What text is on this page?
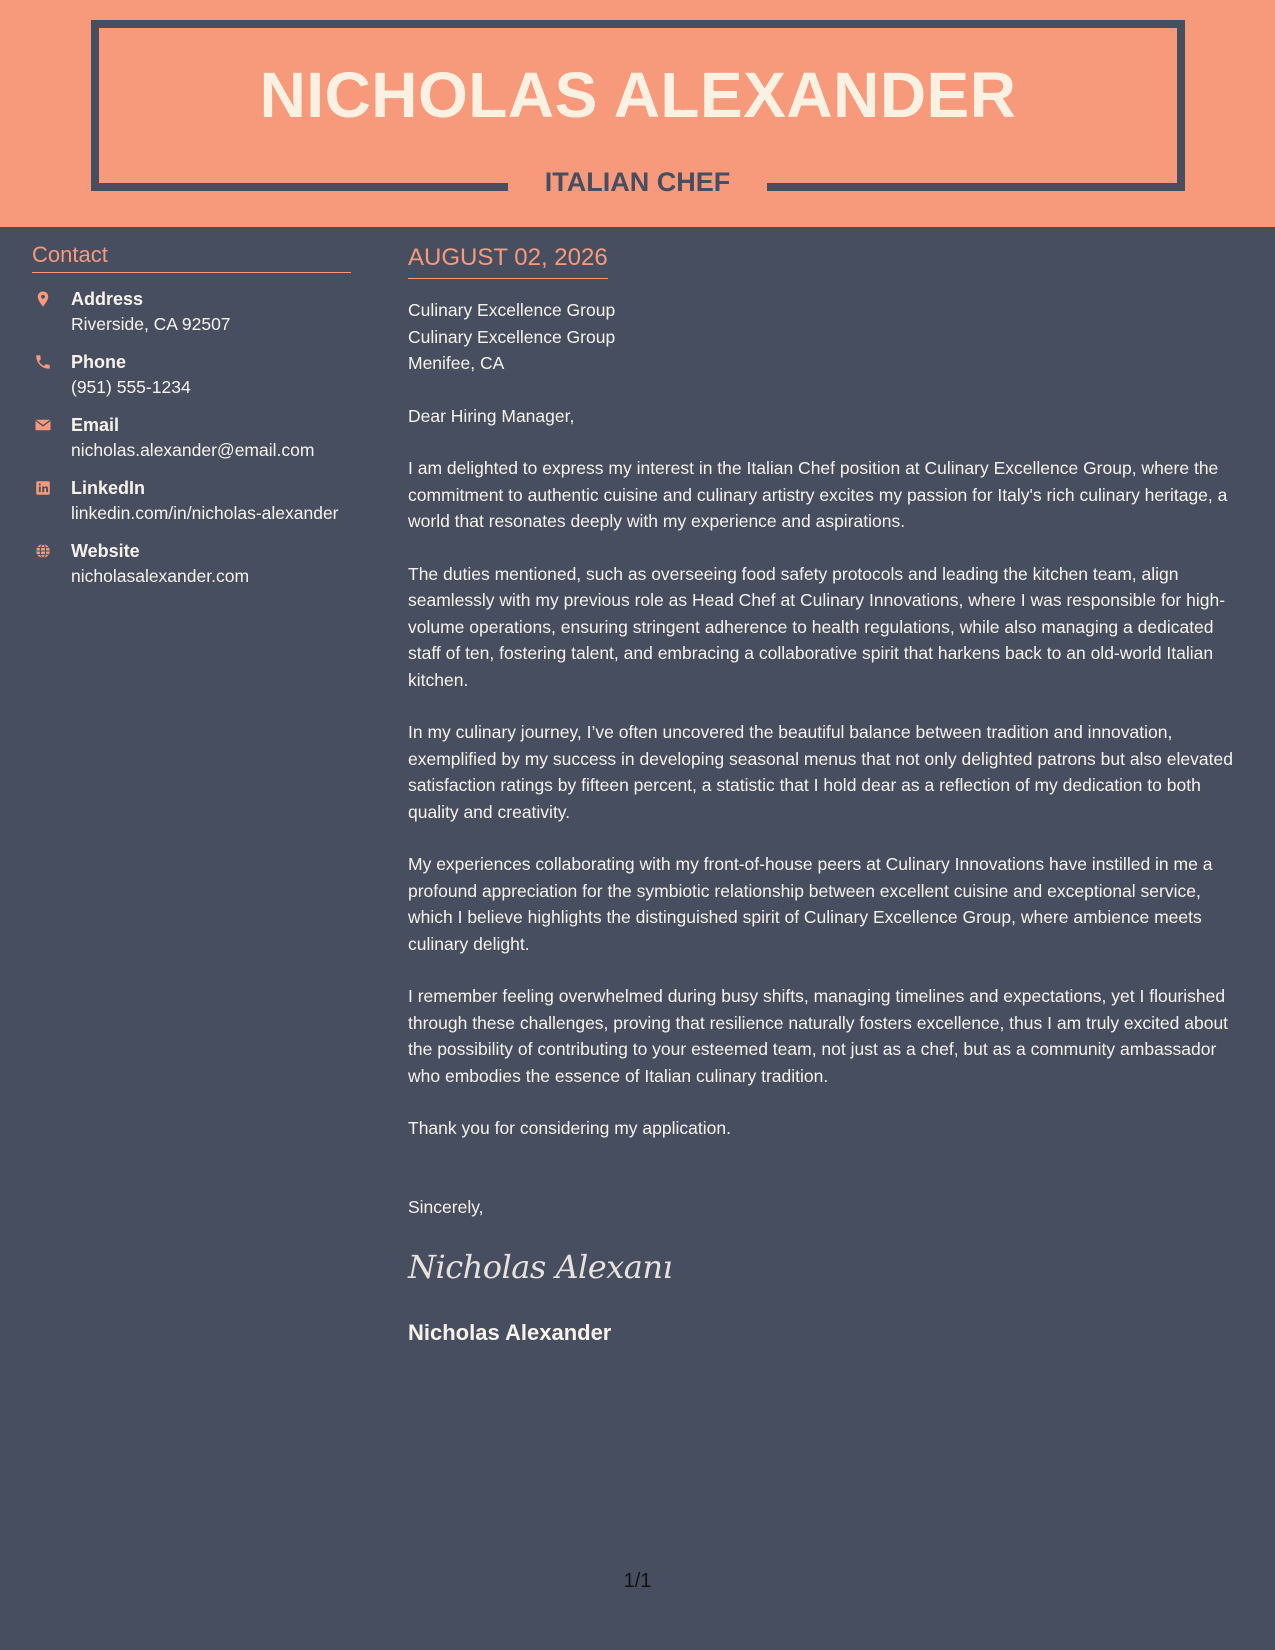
NICHOLAS ALEXANDER
ITALIAN CHEF
Contact
Address
Riverside, CA 92507
Phone
(951) 555-1234
Email
nicholas.alexander@email.com
LinkedIn
linkedin.com/in/nicholas-alexander
Website
nicholasalexander.com
AUGUST 02, 2026
Culinary Excellence Group
Culinary Excellence Group
Menifee, CA
Dear Hiring Manager,
I am delighted to express my interest in the Italian Chef position at Culinary Excellence Group, where the commitment to authentic cuisine and culinary artistry excites my passion for Italy's rich culinary heritage, a world that resonates deeply with my experience and aspirations.
The duties mentioned, such as overseeing food safety protocols and leading the kitchen team, align seamlessly with my previous role as Head Chef at Culinary Innovations, where I was responsible for high-volume operations, ensuring stringent adherence to health regulations, while also managing a dedicated staff of ten, fostering talent, and embracing a collaborative spirit that harkens back to an old-world Italian kitchen.
In my culinary journey, I’ve often uncovered the beautiful balance between tradition and innovation, exemplified by my success in developing seasonal menus that not only delighted patrons but also elevated satisfaction ratings by fifteen percent, a statistic that I hold dear as a reflection of my dedication to both quality and creativity.
My experiences collaborating with my front-of-house peers at Culinary Innovations have instilled in me a profound appreciation for the symbiotic relationship between excellent cuisine and exceptional service, which I believe highlights the distinguished spirit of Culinary Excellence Group, where ambience meets culinary delight.
I remember feeling overwhelmed during busy shifts, managing timelines and expectations, yet I flourished through these challenges, proving that resilience naturally fosters excellence, thus I am truly excited about the possibility of contributing to your esteemed team, not just as a chef, but as a community ambassador who embodies the essence of Italian culinary tradition.
Thank you for considering my application.
Sincerely,
Nicholas Alexanı
Nicholas Alexander
1/1
